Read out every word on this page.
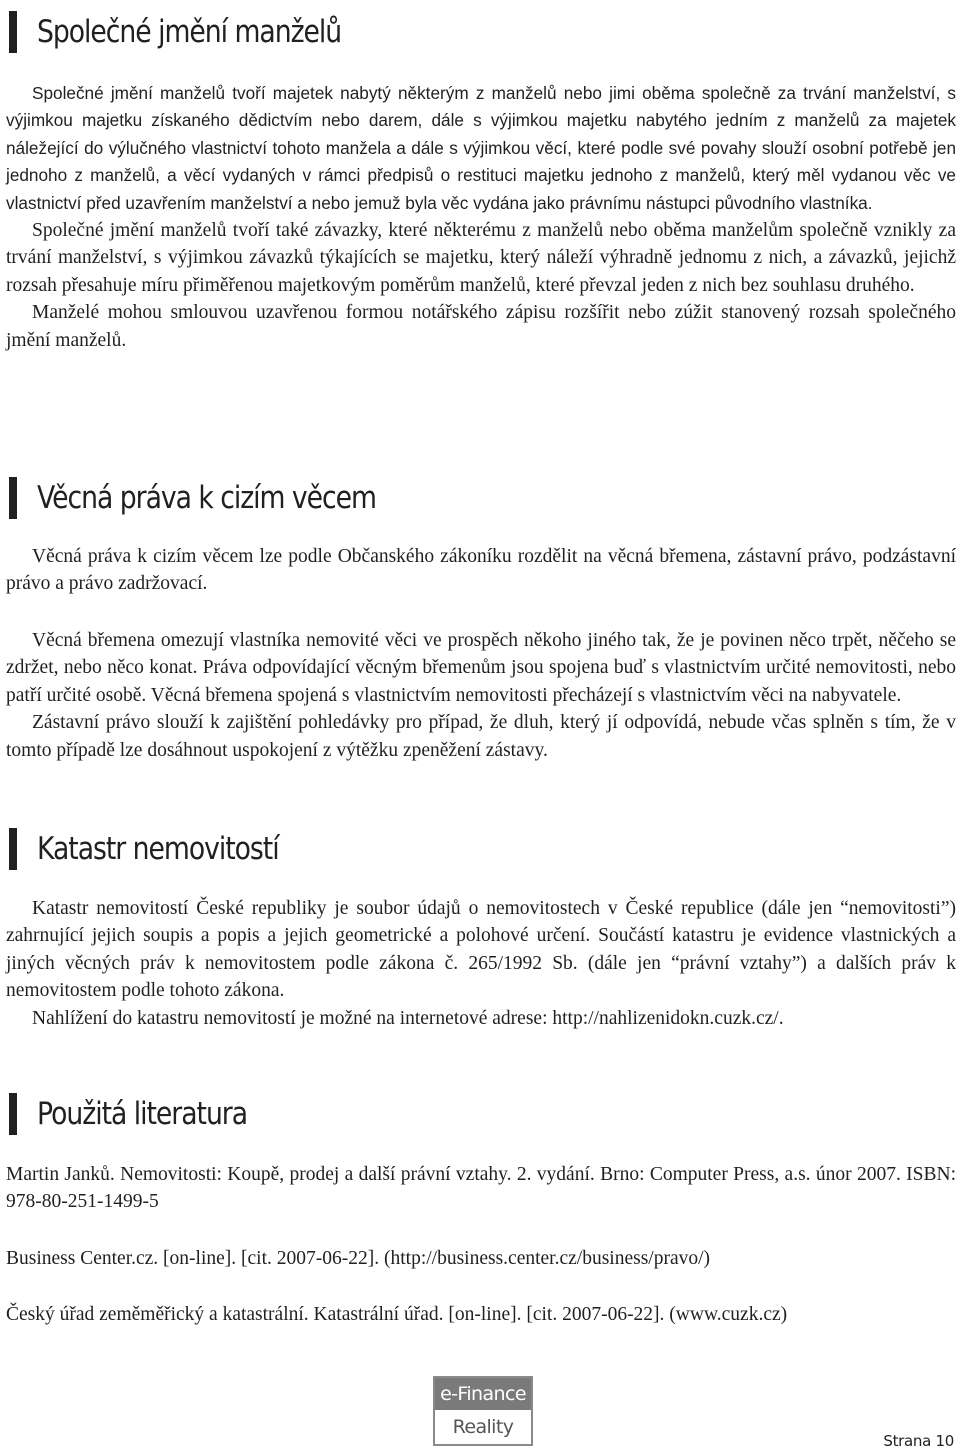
Společné jmění manželů

Společné jmění manželů tvoří majetek nabytý některým z manželů nebo jimi oběma společně za trvání manželství, s výjimkou majetku získaného dědictvím nebo darem, dále s výjimkou majetku nabytého jedním z manželů za majetek náležející do výlučného vlastnictví tohoto manžela a dále s výjimkou věcí, které podle své povahy slouží osobní potřebě jen jednoho z manželů, a věcí vydaných v rámci předpisů o restituci majetku jednoho z manželů, který měl vydanou věc ve vlastnictví před uzavřením manželství a nebo jemuž byla věc vydána jako právnímu nástupci původního vlastníka.

Společné jmění manželů tvoří také závazky, které některému z manželů nebo oběma manželům společně vznikly za trvání manželství, s výjimkou závazků týkajících se majetku, který náleží výhradně jednomu z nich, a závazků, jejichž rozsah přesahuje míru přiměřenou majetkovým poměrům manželů, které převzal jeden z nich bez souhlasu druhého.

Manželé mohou smlouvou uzavřenou formou notářského zápisu rozšířit nebo zúžit stanovený rozsah společného jmění manželů.

Věcná práva k cizím věcem

Věcná práva k cizím věcem lze podle Občanského zákoníku rozdělit na věcná břemena, zástavní právo, podzástavní právo a právo zadržovací.

Věcná břemena omezují vlastníka nemovité věci ve prospěch někoho jiného tak, že je povinen něco trpět, něčeho se zdržet, nebo něco konat. Práva odpovídající věcným břemenům jsou spojena buď s vlastnictvím určité nemovitosti, nebo patří určité osobě. Věcná břemena spojená s vlastnictvím nemovitosti přecházejí s vlastnictvím věci na nabyvatele.

Zástavní právo slouží k zajištění pohledávky pro případ, že dluh, který jí odpovídá, nebude včas splněn s tím, že v tomto případě lze dosáhnout uspokojení z výtěžku zpeněžení zástavy.

Katastr nemovitostí

Katastr nemovitostí České republiky je soubor údajů o nemovitostech v České republice (dále jen “nemovitosti”) zahrnující jejich soupis a popis a jejich geometrické a polohové určení. Součástí katastru je evidence vlastnických a jiných věcných práv k nemovitostem podle zákona č. 265/1992 Sb. (dále jen “právní vztahy”) a dalších práv k nemovitostem podle tohoto zákona.

Nahlížení do katastru nemovitostí je možné na internetové adrese: http://nahlizenidokn.cuzk.cz/.

Použitá literatura

Martin Janků. Nemovitosti: Koupě, prodej a další právní vztahy. 2. vydání. Brno: Computer Press, a.s. únor 2007. ISBN: 978-80-251-1499-5

Business Center.cz. [on-line]. [cit. 2007-06-22]. (http://business.center.cz/business/pravo/)

Český úřad zeměměřický a katastrální. Katastrální úřad. [on-line]. [cit. 2007-06-22]. (www.cuzk.cz)

e-Finance
Reality
Strana 10
